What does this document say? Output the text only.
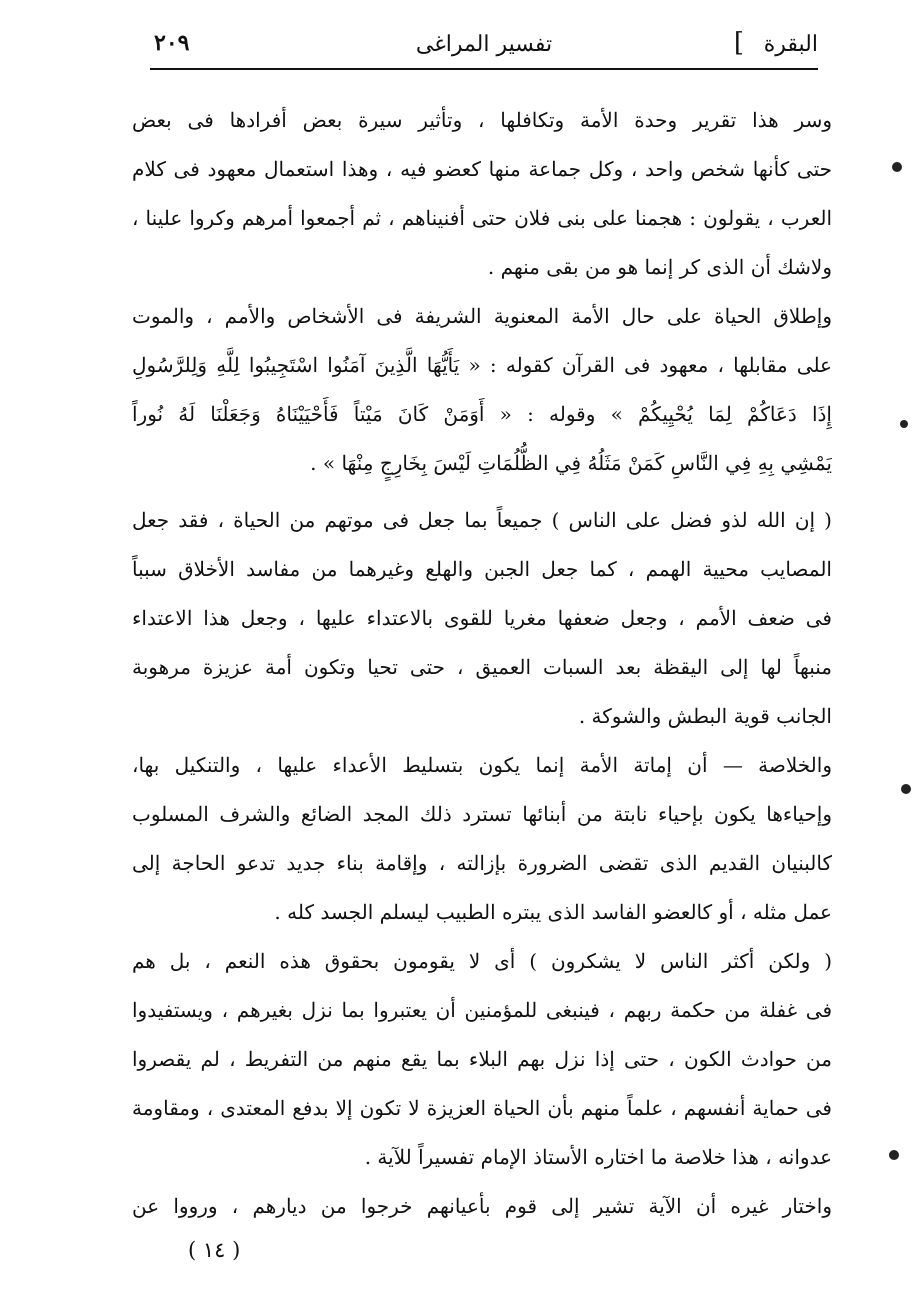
البقرة
]
تفسير المراغى
٢٠٩
وسر هذا تقرير وحدة الأمة وتكافلها ، وتأثير سيرة بعض أفرادها فى بعض
حتى كأنها شخص واحد ، وكل جماعة منها كعضو فيه ، وهذا استعمال معهود فى كلام
العرب ، يقولون : هجمنا على بنى فلان حتى أفنيناهم ، ثم أجمعوا أمرهم وكروا علينا ،
ولاشك أن الذى كر إنما هو من بقى منهم .
وإطلاق الحياة على حال الأمة المعنوية الشريفة فى الأشخاص والأمم ، والموت
على مقابلها ، معهود فى القرآن كقوله : « يَأَيُّهَا الَّذِينَ آمَنُوا اسْتَجِيبُوا لِلَّهِ وَلِلرَّسُولِ
إِذَا دَعَاكُمْ لِمَا يُحْيِيكُمْ » وقوله : « أَوَمَنْ كَانَ مَيْتاً فَأَحْيَيْنَاهُ وَجَعَلْنَا لَهُ نُوراً
يَمْشِي بِهِ فِي النَّاسِ كَمَنْ مَثَلُهُ فِي الظُّلُمَاتِ لَيْسَ بِخَارِجٍ مِنْهَا » .
( إن الله لذو فضل على الناس ) جميعاً بما جعل فى موتهم من الحياة ، فقد جعل
المصايب محيية الهمم ، كما جعل الجبن والهلع وغيرهما من مفاسد الأخلاق سبباً
فى ضعف الأمم ، وجعل ضعفها مغريا للقوى بالاعتداء عليها ، وجعل هذا الاعتداء
منبهاً لها إلى اليقظة بعد السبات العميق ، حتى تحيا وتكون أمة عزيزة مرهوبة
الجانب قوية البطش والشوكة .
والخلاصة — أن إماتة الأمة إنما يكون بتسليط الأعداء عليها ، والتنكيل بها،
وإحياءها يكون بإحياء نابتة من أبنائها تسترد ذلك المجد الضائع والشرف المسلوب
كالبنيان القديم الذى تقضى الضرورة بإزالته ، وإقامة بناء جديد تدعو الحاجة إلى
عمل مثله ، أو كالعضو الفاسد الذى يبتره الطبيب ليسلم الجسد كله .
( ولكن أكثر الناس لا يشكرون ) أى لا يقومون بحقوق هذه النعم ، بل هم
فى غفلة من حكمة ربهم ، فينبغى للمؤمنين أن يعتبروا بما نزل بغيرهم ، ويستفيدوا
من حوادث الكون ، حتى إذا نزل بهم البلاء بما يقع منهم من التفريط ، لم يقصروا
فى حماية أنفسهم ، علماً منهم بأن الحياة العزيزة لا تكون إلا بدفع المعتدى ، ومقاومة
عدوانه ، هذا خلاصة ما اختاره الأستاذ الإمام تفسيراً للآية .
واختار غيره أن الآية تشير إلى قوم بأعيانهم خرجوا من ديارهم ، ورووا عن
( ١٤ )
